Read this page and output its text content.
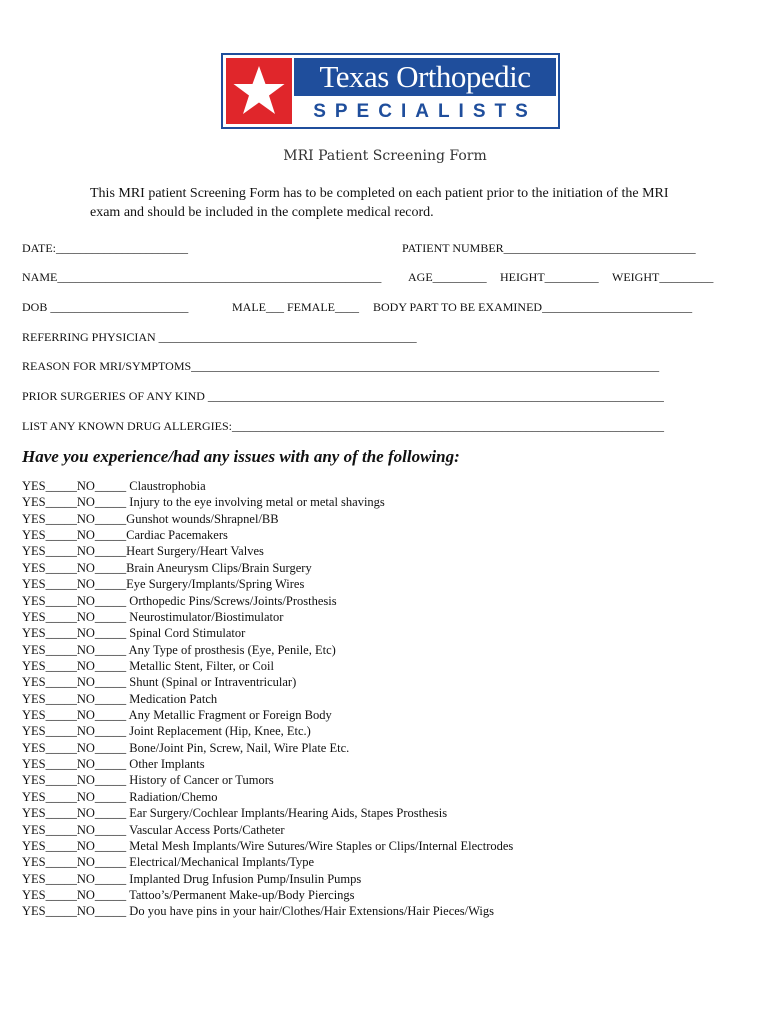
Texas Orthopedic
SPECIALISTS
MRI Patient Screening Form
This MRI patient Screening Form has to be completed on each patient prior to the initiation of the MRI exam and should be included in the complete medical record.
DATE:______________________	PATIENT NUMBER________________________________
NAME______________________________________________________ AGE_________ HEIGHT_________ WEIGHT_________
DOB _______________________	MALE___ FEMALE____ BODY PART TO BE EXAMINED_________________________
REFERRING PHYSICIAN ___________________________________________
REASON FOR MRI/SYMPTOMS______________________________________________________________________________
PRIOR SURGERIES OF ANY KIND ____________________________________________________________________________
LIST ANY KNOWN DRUG ALLERGIES:________________________________________________________________________
Have you experience/had any issues with any of the following:
YES_____NO_____ Claustrophobia
YES_____NO_____ Injury to the eye involving metal or metal shavings
YES_____NO_____Gunshot wounds/Shrapnel/BB
YES_____NO_____Cardiac Pacemakers
YES_____NO_____Heart Surgery/Heart Valves
YES_____NO_____Brain Aneurysm Clips/Brain Surgery
YES_____NO_____Eye Surgery/Implants/Spring Wires
YES_____NO_____ Orthopedic Pins/Screws/Joints/Prosthesis
YES_____NO_____ Neurostimulator/Biostimulator
YES_____NO_____ Spinal Cord Stimulator
YES_____NO_____ Any Type of prosthesis (Eye, Penile, Etc)
YES_____NO_____ Metallic Stent, Filter, or Coil
YES_____NO_____ Shunt (Spinal or Intraventricular)
YES_____NO_____ Medication Patch
YES_____NO_____ Any Metallic Fragment or Foreign Body
YES_____NO_____ Joint Replacement (Hip, Knee, Etc.)
YES_____NO_____ Bone/Joint Pin, Screw, Nail, Wire Plate Etc.
YES_____NO_____ Other Implants
YES_____NO_____ History of Cancer or Tumors
YES_____NO_____ Radiation/Chemo
YES_____NO_____ Ear Surgery/Cochlear Implants/Hearing Aids, Stapes Prosthesis
YES_____NO_____ Vascular Access Ports/Catheter
YES_____NO_____ Metal Mesh Implants/Wire Sutures/Wire Staples or Clips/Internal Electrodes
YES_____NO_____ Electrical/Mechanical Implants/Type
YES_____NO_____ Implanted Drug Infusion Pump/Insulin Pumps
YES_____NO_____ Tattoo’s/Permanent Make-up/Body Piercings
YES_____NO_____ Do you have pins in your hair/Clothes/Hair Extensions/Hair Pieces/Wigs
